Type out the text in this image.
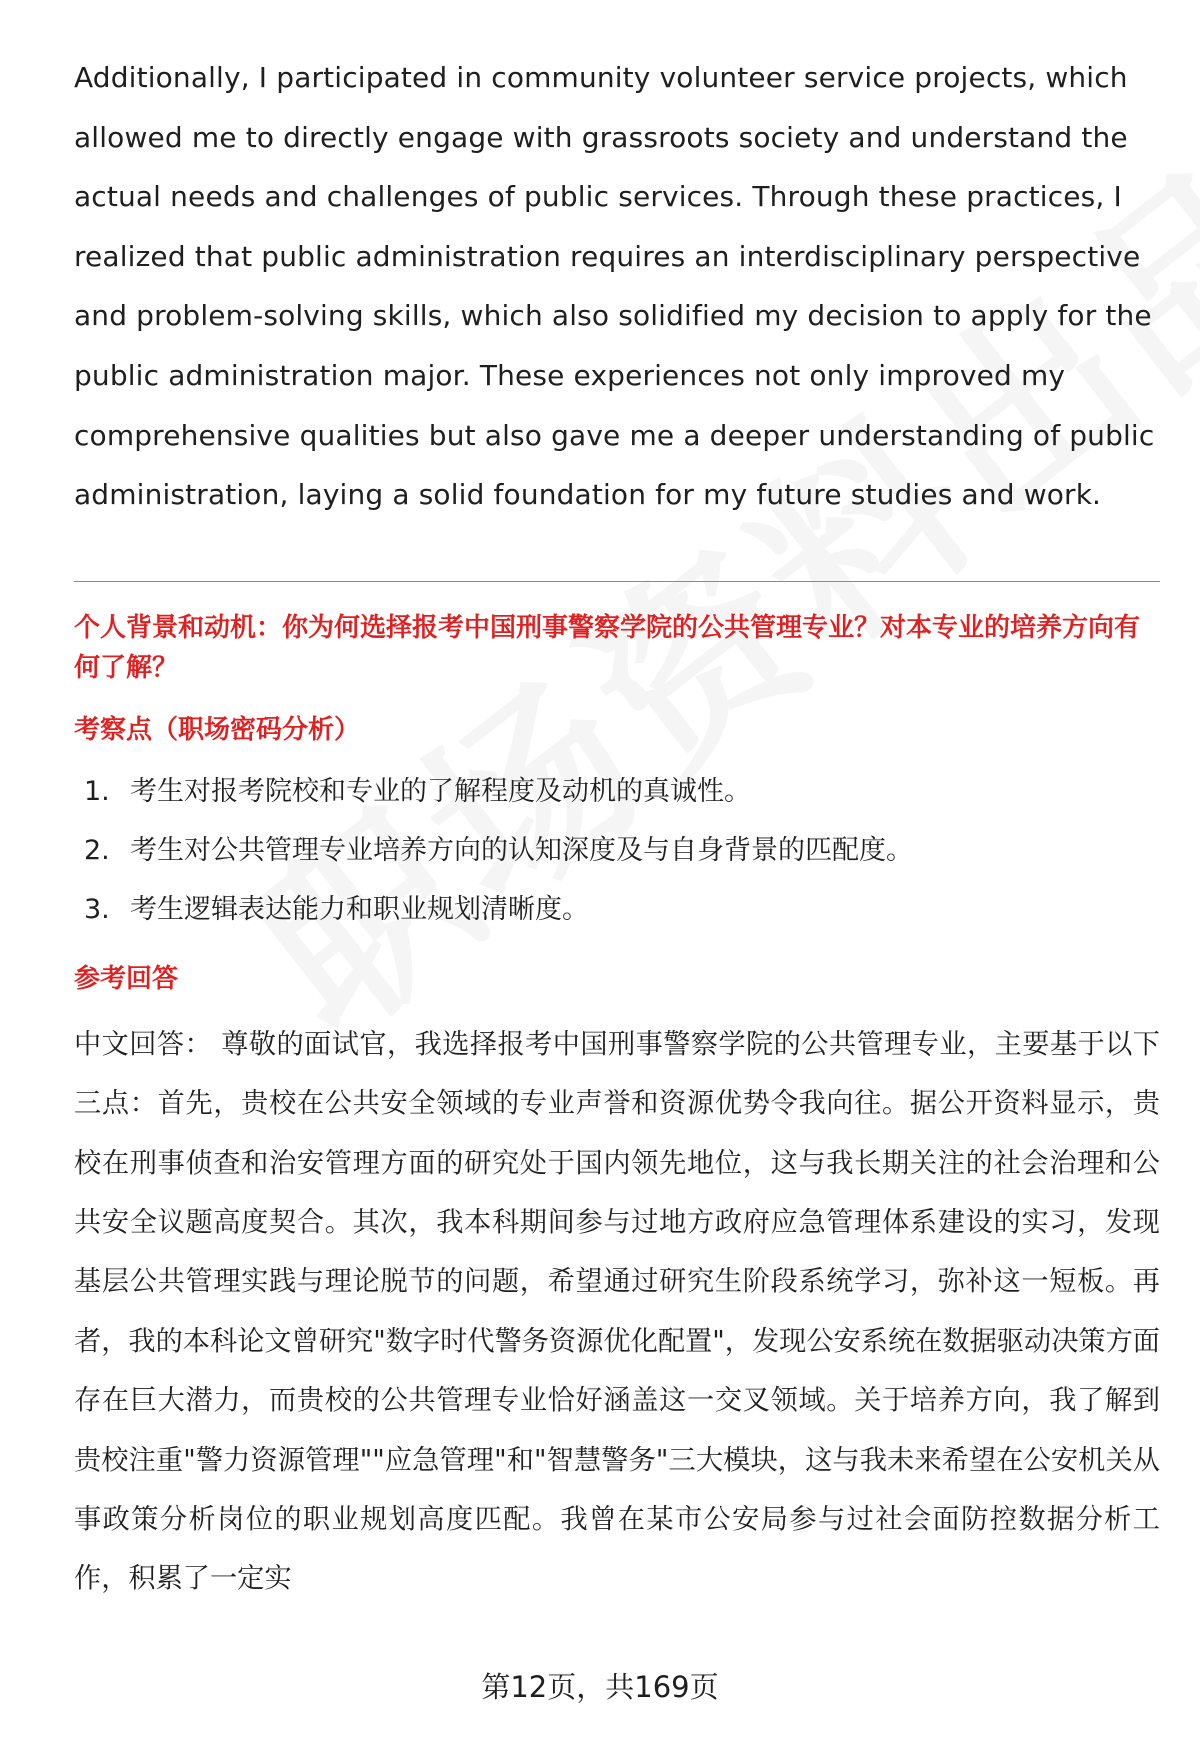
Additionally, I participated in community volunteer service projects, which allowed me to directly engage with grassroots society and understand the actual needs and challenges of public services. Through these practices, I realized that public administration requires an interdisciplinary perspective and problem-solving skills, which also solidified my decision to apply for the public administration major. These experiences not only improved my comprehensive qualities but also gave me a deeper understanding of public administration, laying a solid foundation for my future studies and work.

个人背景和动机：你为何选择报考中国刑事警察学院的公共管理专业？对本专业的培养方向有何了解？

考察点（职场密码分析）

1. 考生对报考院校和专业的了解程度及动机的真诚性。
2. 考生对公共管理专业培养方向的认知深度及与自身背景的匹配度。
3. 考生逻辑表达能力和职业规划清晰度。

参考回答

中文回答： 尊敬的面试官，我选择报考中国刑事警察学院的公共管理专业，主要基于以下三点：首先，贵校在公共安全领域的专业声誉和资源优势令我向往。据公开资料显示，贵校在刑事侦查和治安管理方面的研究处于国内领先地位，这与我长期关注的社会治理和公共安全议题高度契合。其次，我本科期间参与过地方政府应急管理体系建设的实习，发现基层公共管理实践与理论脱节的问题，希望通过研究生阶段系统学习，弥补这一短板。再者，我的本科论文曾研究"数字时代警务资源优化配置"，发现公安系统在数据驱动决策方面存在巨大潜力，而贵校的公共管理专业恰好涵盖这一交叉领域。关于培养方向，我了解到贵校注重"警力资源管理""应急管理"和"智慧警务"三大模块，这与我未来希望在公安机关从事政策分析岗位的职业规划高度匹配。我曾在某市公安局参与过社会面防控数据分析工作，积累了一定实

第12页，共169页
